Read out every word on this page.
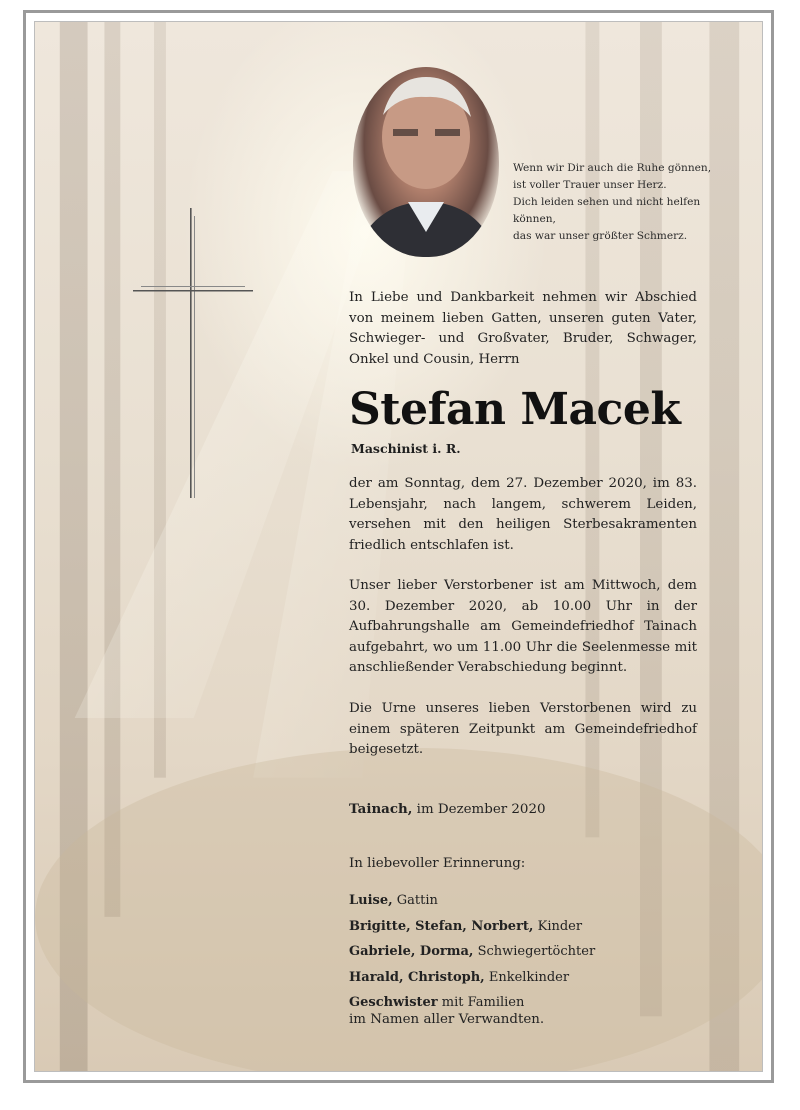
Wenn wir Dir auch die Ruhe gönnen,
ist voller Trauer unser Herz.
Dich leiden sehen und nicht helfen können,
das war unser größter Schmerz.
In Liebe und Dankbarkeit nehmen wir Abschied von meinem lieben Gatten, unseren guten Vater, Schwieger- und Großvater, Bruder, Schwager, Onkel und Cousin, Herrn
Stefan Macek
Maschinist i. R.
der am Sonntag, dem 27. Dezember 2020, im 83. Lebensjahr, nach langem, schwerem Leiden, versehen mit den heiligen Sterbesakramenten friedlich entschlafen ist.
Unser lieber Verstorbener ist am Mittwoch, dem 30. Dezember 2020, ab 10.00 Uhr in der Aufbahrungshalle am Gemeindefriedhof Tainach aufgebahrt, wo um 11.00 Uhr die Seelenmesse mit anschließender Verabschiedung beginnt.
Die Urne unseres lieben Verstorbenen wird zu einem späteren Zeitpunkt am Gemeindefriedhof beigesetzt.
Tainach, im Dezember 2020
In liebevoller Erinnerung:
Luise, Gattin
Brigitte, Stefan, Norbert, Kinder
Gabriele, Dorma, Schwiegertöchter
Harald, Christoph, Enkelkinder
Geschwister mit Familien
im Namen aller Verwandten.
